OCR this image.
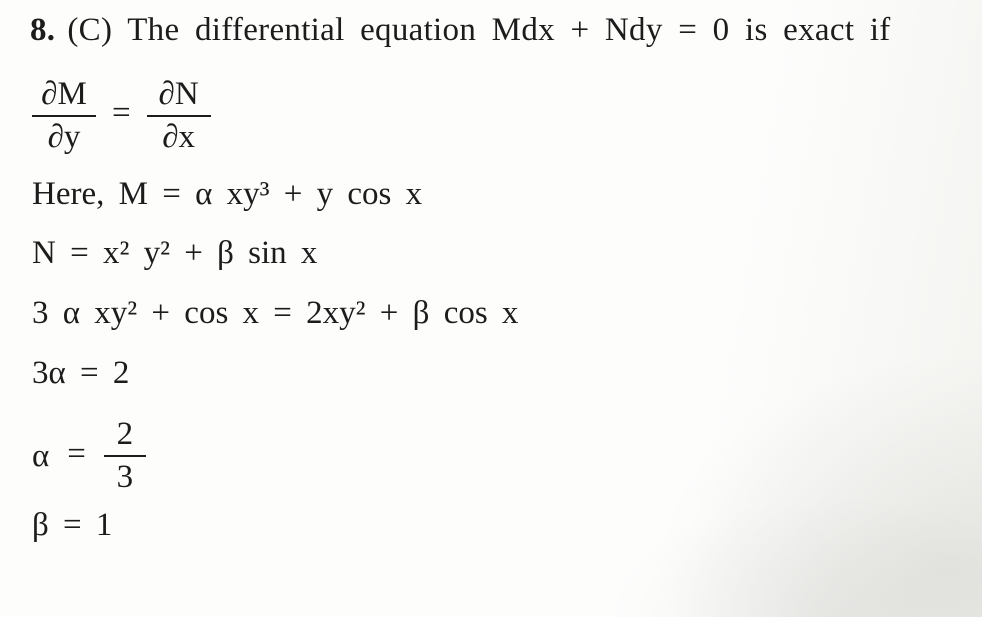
8. (C) The differential equation Mdx + Ndy = 0 is exact if
$\frac{\partial M}{\partial y} = \frac{\partial N}{\partial x}$
Here, M = α xy³ + y cos x
N = x² y² + β sin x
3 α xy² + cos x = 2xy² + β cos x
3α = 2
$\alpha = \frac{2}{3}$
β = 1
